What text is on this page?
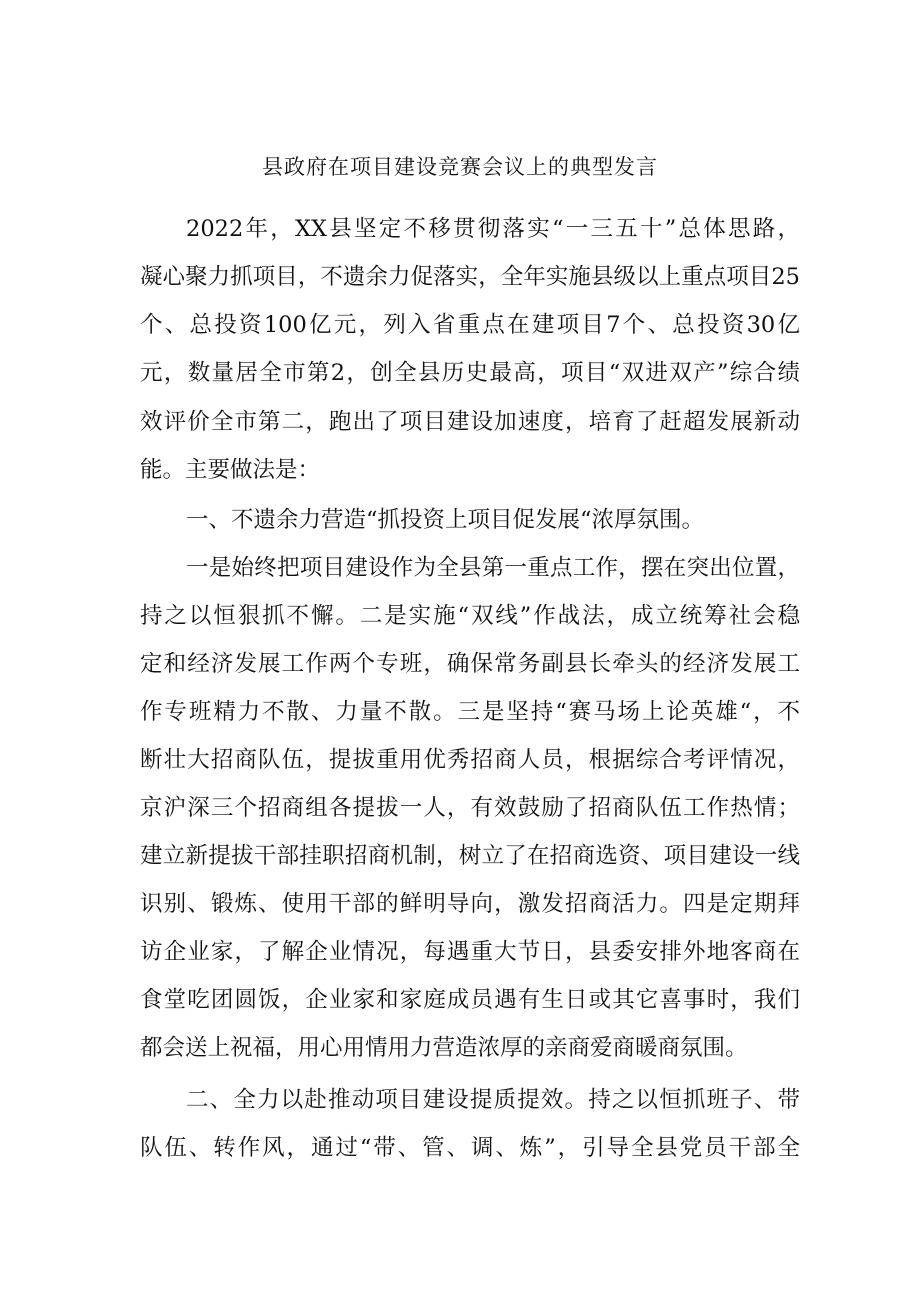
县政府在项目建设竞赛会议上的典型发言
2022年，XX县坚定不移贯彻落实“一三五十”总体思路，
凝心聚力抓项目，不遗余力促落实，全年实施县级以上重点项目25
个、总投资100亿元，列入省重点在建项目7个、总投资30亿
元，数量居全市第2，创全县历史最高，项目“双进双产”综合绩
效评价全市第二，跑出了项目建设加速度，培育了赶超发展新动
能。主要做法是：
一、不遗余力营造“抓投资上项目促发展“浓厚氛围。
一是始终把项目建设作为全县第一重点工作，摆在突出位置，
持之以恒狠抓不懈。二是实施“双线”作战法，成立统筹社会稳
定和经济发展工作两个专班，确保常务副县长牵头的经济发展工
作专班精力不散、力量不散。三是坚持“赛马场上论英雄“，不
断壮大招商队伍，提拔重用优秀招商人员，根据综合考评情况，
京沪深三个招商组各提拔一人，有效鼓励了招商队伍工作热情；
建立新提拔干部挂职招商机制，树立了在招商选资、项目建设一线
识别、锻炼、使用干部的鲜明导向，激发招商活力。四是定期拜
访企业家，了解企业情况，每遇重大节日，县委安排外地客商在
食堂吃团圆饭，企业家和家庭成员遇有生日或其它喜事时，我们
都会送上祝福，用心用情用力营造浓厚的亲商爱商暖商氛围。
二、全力以赴推动项目建设提质提效。持之以恒抓班子、带
队伍、转作风，通过“带、管、调、炼”，引导全县党员干部全
